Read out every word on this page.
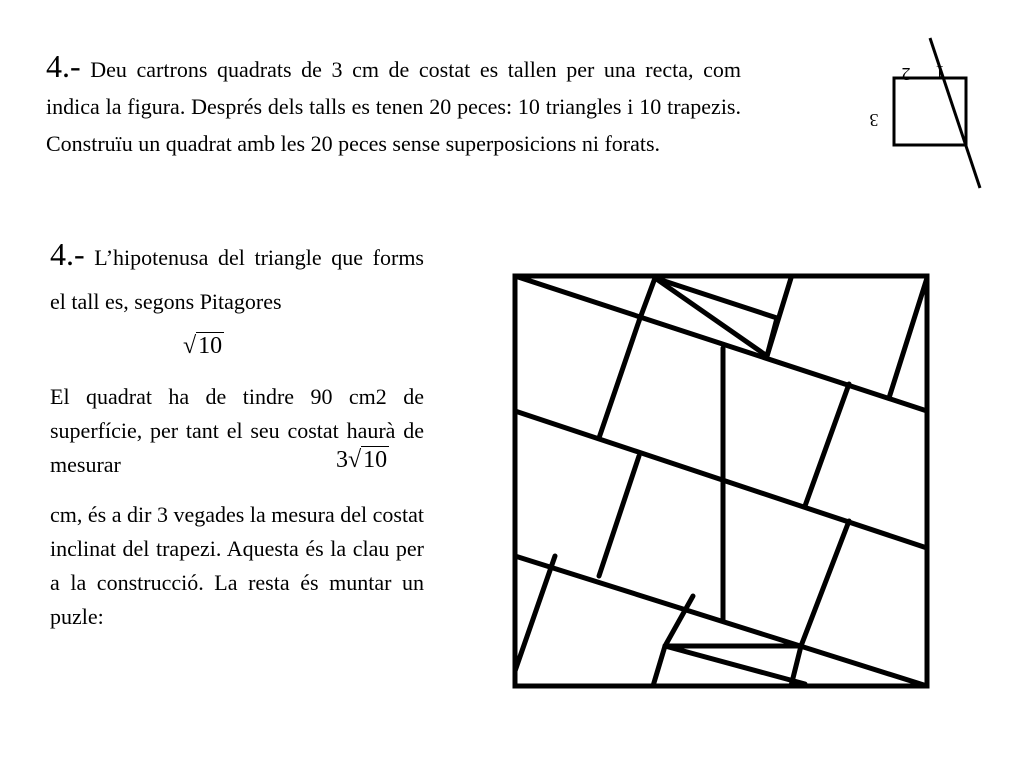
4.- Deu cartrons quadrats de 3 cm de costat es tallen per una recta, com indica la figura. Després dels talls es tenen 20 peces: 10 triangles i 10 trapezis. Construïu un quadrat amb les 20 peces sense superposicions ni forats.

2 1
3

4.- L’hipotenusa del triangle que forms el tall es, segons Pitagores

√10

El quadrat ha de tindre 90 cm2 de superfície, per tant el seu costat haurà de mesurar	3√10

cm, és a dir 3 vegades la mesura del costat inclinat del trapezi. Aquesta és la clau per a la construcció. La resta és muntar un puzle:
